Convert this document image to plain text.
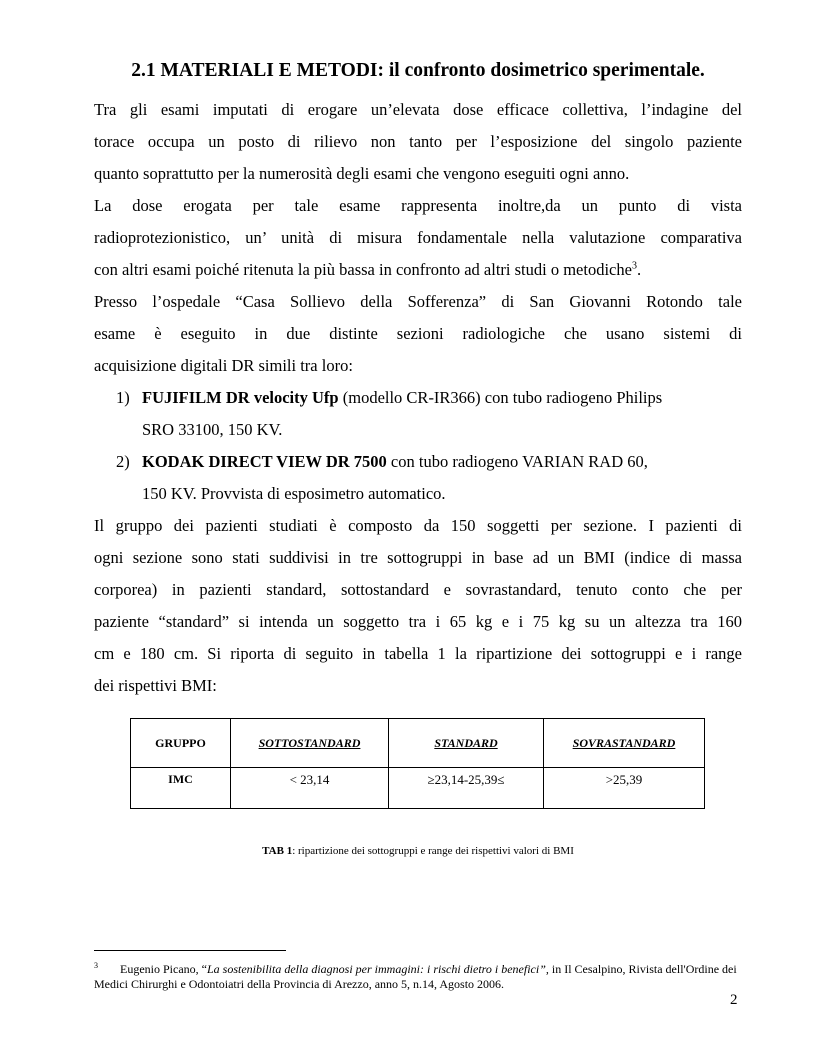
2.1 MATERIALI E METODI: il confronto dosimetrico sperimentale.
Tra gli esami imputati di erogare un’elevata dose efficace collettiva, l’indagine del
torace occupa un posto di rilievo non tanto per l’esposizione del singolo paziente
quanto soprattutto per la numerosità degli esami che vengono eseguiti ogni anno.
La dose erogata per tale esame rappresenta inoltre,da un punto di vista
radioprotezionistico, un’ unità di misura fondamentale nella valutazione comparativa
con altri esami poiché ritenuta la più bassa in confronto ad altri studi o metodiche$^3$.
Presso l’ospedale “Casa Sollievo della Sofferenza” di San Giovanni Rotondo tale
esame è eseguito in due distinte sezioni radiologiche che usano sistemi di
acquisizione digitali DR simili tra loro:
1) FUJIFILM DR velocity Ufp (modello CR-IR366) con tubo radiogeno Philips
SRO 33100, 150 KV.
2) KODAK DIRECT VIEW DR 7500 con tubo radiogeno VARIAN RAD 60,
150 KV. Provvista di esposimetro automatico.
Il gruppo dei pazienti studiati è composto da 150 soggetti per sezione. I pazienti di
ogni sezione sono stati suddivisi in tre sottogruppi in base ad un BMI (indice di massa
corporea) in pazienti standard, sottostandard e sovrastandard, tenuto conto che per
paziente “standard” si intenda un soggetto tra i 65 kg e i 75 kg su un altezza tra 160
cm e 180 cm. Si riporta di seguito in tabella 1 la ripartizione dei sottogruppi e i range
dei rispettivi BMI:
GRUPPO	SOTTOSTANDARD	STANDARD	SOVRASTANDARD
IMC	< 23,14	≥23,14-25,39≤	>25,39
TAB 1: ripartizione dei sottogruppi e range dei rispettivi valori di BMI
$^3$ Eugenio Picano, “La sostenibilita della diagnosi per immagini: i rischi dietro i benefici”, in Il Cesalpino, Rivista dell'Ordine dei Medici Chirurghi e Odontoiatri della Provincia di Arezzo, anno 5, n.14, Agosto 2006.
2
